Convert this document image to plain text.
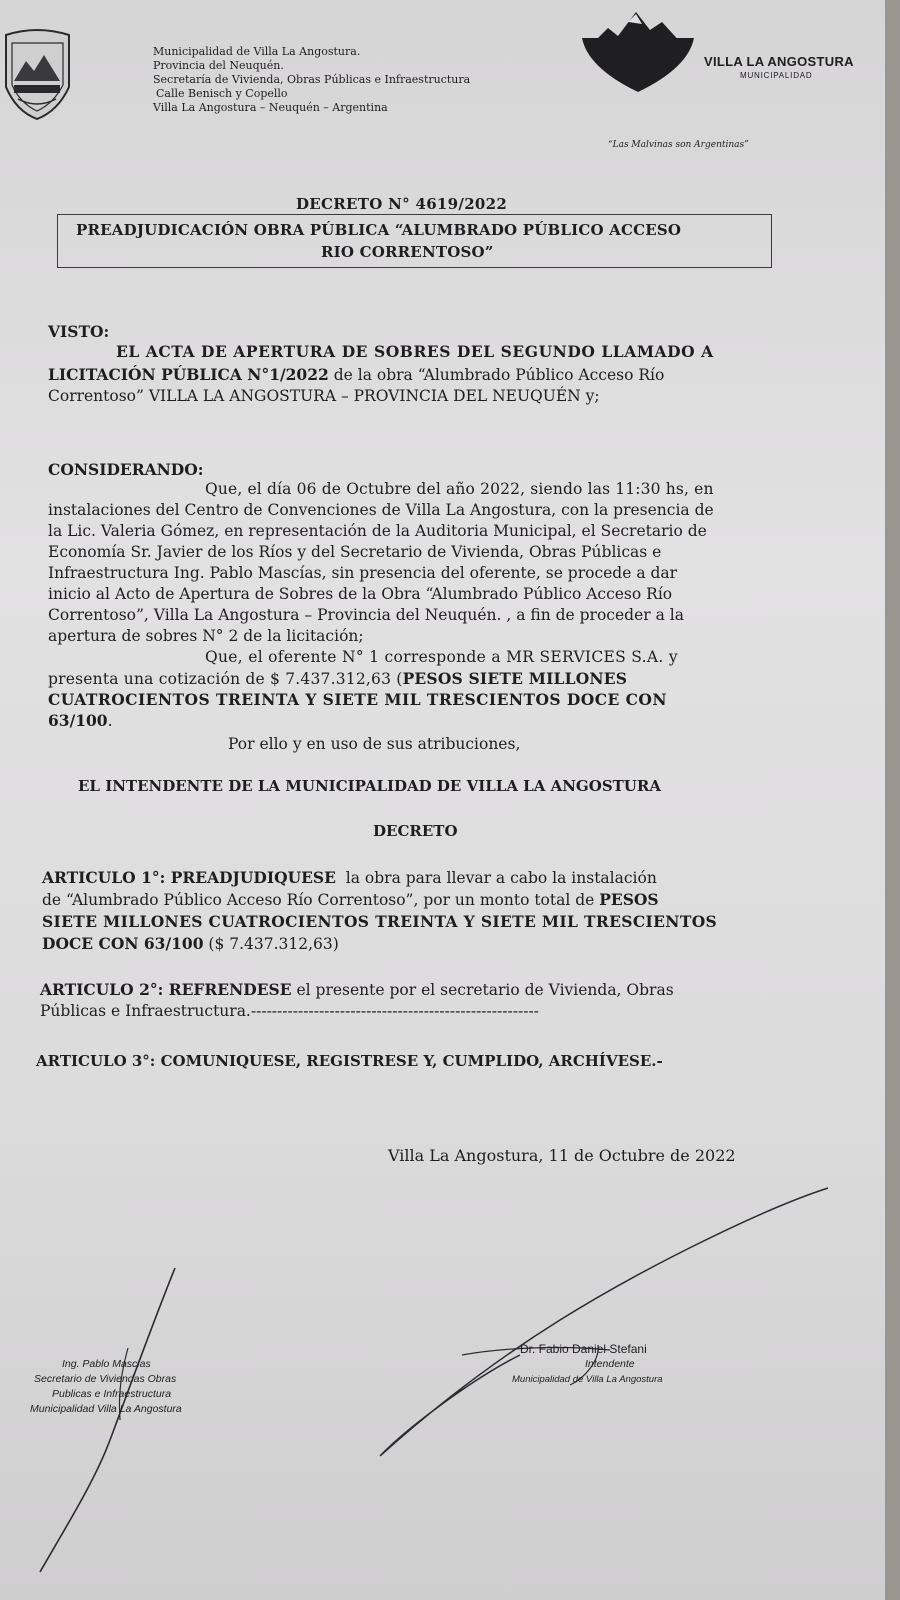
Municipalidad de Villa La Angostura.
Provincia del Neuquén.
Secretaría de Vivienda, Obras Públicas e Infraestructura
Calle Benisch y Copello
Villa La Angostura – Neuquén – Argentina
VILLA LA ANGOSTURA
MUNICIPALIDAD
“Las Malvinas son Argentinas”
DECRETO N° 4619/2022
PREADJUDICACIÓN OBRA PÚBLICA “ALUMBRADO PÚBLICO ACCESO
RIO CORRENTOSO”
VISTO:
EL ACTA DE APERTURA DE SOBRES DEL SEGUNDO LLAMADO A
LICITACIÓN PÚBLICA N°1/2022 de la obra “Alumbrado Público Acceso Río
Correntoso” VILLA LA ANGOSTURA – PROVINCIA DEL NEUQUÉN y;
CONSIDERANDO:
Que, el día 06 de Octubre del año 2022, siendo las 11:30 hs, en
instalaciones del Centro de Convenciones de Villa La Angostura, con la presencia de
la Lic. Valeria Gómez, en representación de la Auditoria Municipal, el Secretario de
Economía Sr. Javier de los Ríos y del Secretario de Vivienda, Obras Públicas e
Infraestructura Ing. Pablo Mascías, sin presencia del oferente, se procede a dar
inicio al Acto de Apertura de Sobres de la Obra “Alumbrado Público Acceso Río
Correntoso”, Villa La Angostura – Provincia del Neuquén. , a fin de proceder a la
apertura de sobres N° 2 de la licitación;
Que, el oferente N° 1 corresponde a MR SERVICES S.A. y
presenta una cotización de $ 7.437.312,63 (PESOS SIETE MILLONES
CUATROCIENTOS TREINTA Y SIETE MIL TRESCIENTOS DOCE CON
63/100.
Por ello y en uso de sus atribuciones,
EL INTENDENTE DE LA MUNICIPALIDAD DE VILLA LA ANGOSTURA
DECRETO
ARTICULO 1°: PREADJUDIQUESE  la obra para llevar a cabo la instalación
de “Alumbrado Público Acceso Río Correntoso”, por un monto total de PESOS
SIETE MILLONES CUATROCIENTOS TREINTA Y SIETE MIL TRESCIENTOS
DOCE CON 63/100 ($ 7.437.312,63)
ARTICULO 2°: REFRENDESE el presente por el secretario de Vivienda, Obras
Públicas e Infraestructura.-------------------------------------------------------
ARTICULO 3°: COMUNIQUESE, REGISTRESE Y, CUMPLIDO, ARCHÍVESE.-
Villa La Angostura, 11 de Octubre de 2022
Ing. Pablo Mascias
Secretario de Viviendas Obras
Publicas e Infraestructura
Municipalidad Villa La Angostura
Dr. Fabio Daniel Stefani
Intendente
Municipalidad de Villa La Angostura
